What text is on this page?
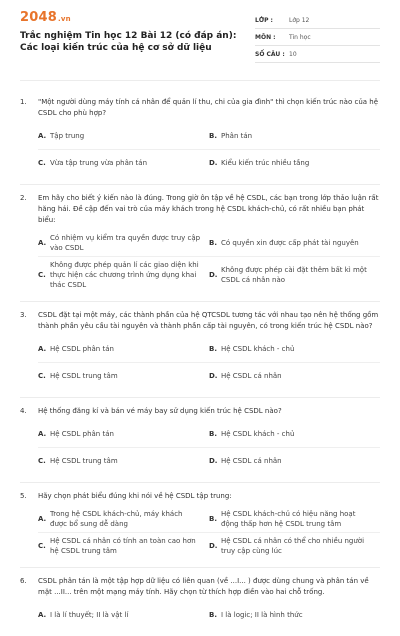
2048.vn
Trắc nghiệm Tin học 12 Bài 12 (có đáp án): Các loại kiến trúc của hệ cơ sở dữ liệu
LỚP :	Lớp 12
MÔN :	Tin học
SỐ CÂU : 10
1.	"Một người dùng máy tính cá nhân để quản lí thu, chi của gia đình" thì chọn kiến trúc nào của hệ CSDL cho phù hợp?
A. Tập trung	B. Phân tán
C. Vừa tập trung vừa phân tán	D. Kiểu kiến trúc nhiều tầng
2.	Em hãy cho biết ý kiến nào là đúng. Trong giờ ôn tập về hệ CSDL, các bạn trong lớp thảo luận rất hăng hái. Đề cập đến vai trò của máy khách trong hệ CSDL khách-chủ, có rất nhiều bạn phát biểu:
A.
Có nhiệm vụ kiểm tra quyền được truy cập vào CSDL
B. Có quyền xin được cấp phát tài nguyên
C.
Không được phép quản lí các giao diện khi thực hiện các chương trình ứng dụng khai thác CSDL
D.
Không được phép cài đặt thêm bất kì một CSDL cá nhân nào
3.	CSDL đặt tại một máy, các thành phần của hệ QTCSDL tương tác với nhau tạo nên hệ thống gồm thành phần yêu cầu tài nguyên và thành phần cấp tài nguyên, có trong kiến trúc hệ CSDL nào?
A. Hệ CSDL phân tán	B. Hệ CSDL khách - chủ
C. Hệ CSDL trung tâm	D. Hệ CSDL cá nhân
4.	Hệ thống đăng kí và bán vé máy bay sử dụng kiến trúc hệ CSDL nào?
A. Hệ CSDL phân tán	B. Hệ CSDL khách - chủ
C. Hệ CSDL trung tâm	D. Hệ CSDL cá nhân
5.	Hãy chọn phát biểu đúng khi nói về hệ CSDL tập trung:
A.
Trong hệ CSDL khách-chủ, máy khách được bổ sung dễ dàng
B.
Hệ CSDL khách-chủ có hiệu năng hoạt động thấp hơn hệ CSDL trung tâm
C.
Hệ CSDL cá nhân có tính an toàn cao hơn hệ CSDL trung tâm
D.
Hệ CSDL cá nhân có thể cho nhiều người truy cập cùng lúc
6.	CSDL phân tán là một tập hợp dữ liệu có liên quan (về ...I... ) được dùng chung và phân tán về mặt ...II... trên một mạng máy tính. Hãy chọn từ thích hợp điền vào hai chỗ trống.
A. I là lí thuyết; II là vật lí	B. I là logic; II là hình thức
